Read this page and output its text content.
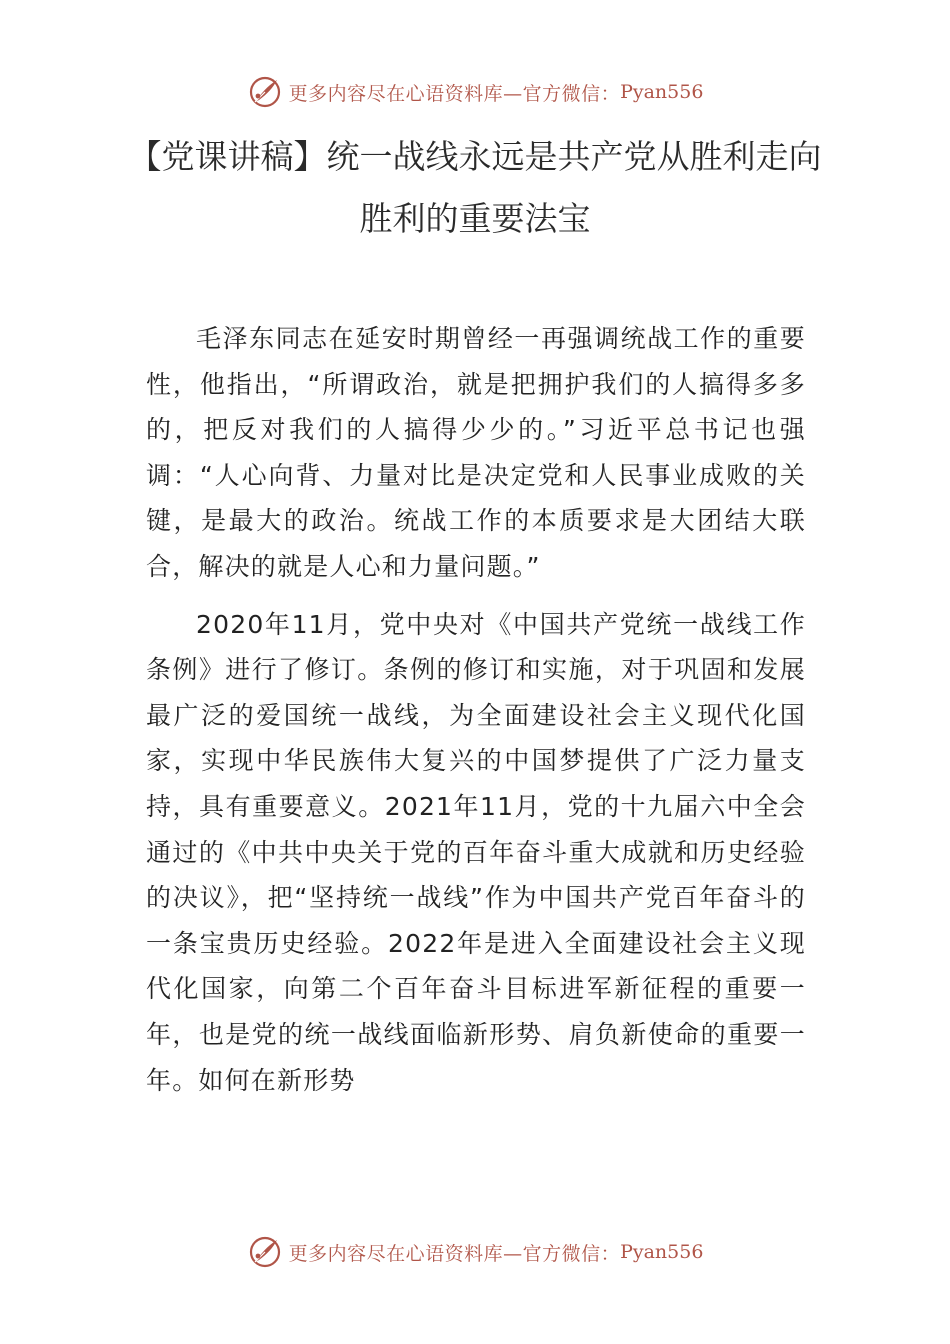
更多内容尽在心语资料库—官方微信： Pyan556
【党课讲稿】统一战线永远是共产党从胜利走向胜利的重要法宝

毛泽东同志在延安时期曾经一再强调统战工作的重要性，他指出，“所谓政治，就是把拥护我们的人搞得多多的，把反对我们的人搞得少少的。”习近平总书记也强调：“人心向背、力量对比是决定党和人民事业成败的关键，是最大的政治。统战工作的本质要求是大团结大联合，解决的就是人心和力量问题。”

2020年11月，党中央对《中国共产党统一战线工作条例》进行了修订。条例的修订和实施，对于巩固和发展最广泛的爱国统一战线，为全面建设社会主义现代化国家，实现中华民族伟大复兴的中国梦提供了广泛力量支持，具有重要意义。2021年11月，党的十九届六中全会通过的《中共中央关于党的百年奋斗重大成就和历史经验的决议》，把“坚持统一战线”作为中国共产党百年奋斗的一条宝贵历史经验。2022年是进入全面建设社会主义现代化国家，向第二个百年奋斗目标进军新征程的重要一年，也是党的统一战线面临新形势、肩负新使命的重要一年。如何在新形势

更多内容尽在心语资料库—官方微信： Pyan556
